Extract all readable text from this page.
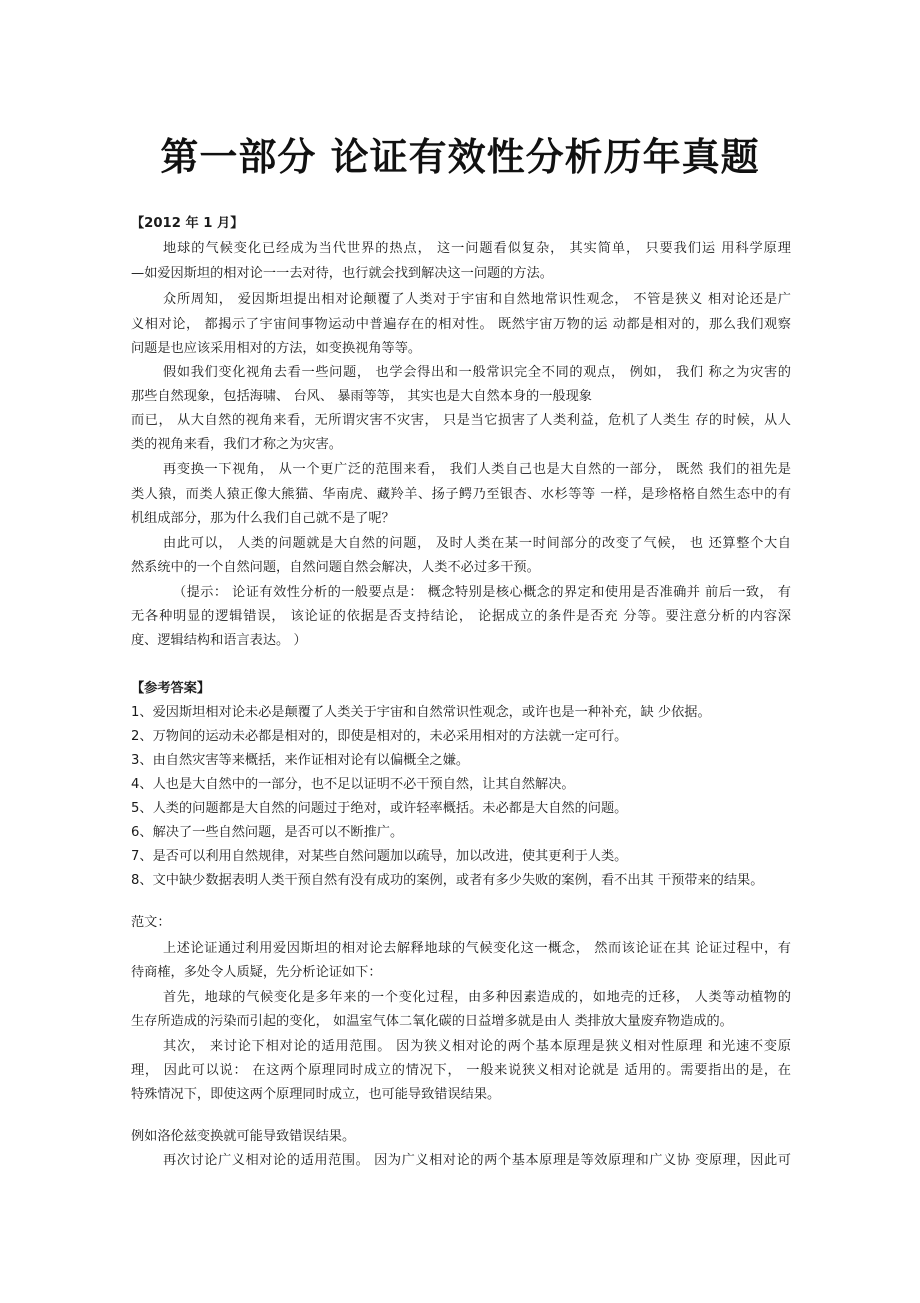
第一部分 论证有效性分析历年真题
【2012 年 1 月】
地球的气候变化已经成为当代世界的热点， 这一问题看似复杂， 其实简单， 只要我们运 用科学原理
—如爱因斯坦的相对论一一去对待，也行就会找到解决这一问题的方法。
众所周知， 爱因斯坦提出相对论颠覆了人类对于宇宙和自然地常识性观念， 不管是狭义 相对论还是广
义相对论， 都揭示了宇宙间事物运动中普遍存在的相对性。 既然宇宙万物的运 动都是相对的，那么我们观察
问题是也应该采用相对的方法，如变换视角等等。
假如我们变化视角去看一些问题， 也学会得出和一般常识完全不同的观点， 例如， 我们 称之为灾害的
那些自然现象，包括海啸、 台风、 暴雨等等， 其实也是大自然本身的一般现象
而已， 从大自然的视角来看，无所谓灾害不灾害， 只是当它损害了人类利益，危机了人类生 存的时候，从人
类的视角来看，我们才称之为灾害。
再变换一下视角， 从一个更广泛的范围来看， 我们人类自己也是大自然的一部分， 既然 我们的祖先是
类人猿，而类人猿正像大熊猫、华南虎、藏羚羊、扬子鳄乃至银杏、水杉等等 一样，是珍格格自然生态中的有
机组成部分，那为什么我们自己就不是了呢？
由此可以， 人类的问题就是大自然的问题， 及时人类在某一时间部分的改变了气候， 也 还算整个大自
然系统中的一个自然问题，自然问题自然会解决，人类不必过多干预。
（提示： 论证有效性分析的一般要点是： 概念特别是核心概念的界定和使用是否准确并 前后一致， 有
无各种明显的逻辑错误， 该论证的依据是否支持结论， 论据成立的条件是否充 分等。要注意分析的内容深
度、逻辑结构和语言表达。 ）
【参考答案】
1、爱因斯坦相对论未必是颠覆了人类关于宇宙和自然常识性观念，或许也是一种补充，缺 少依据。
2、万物间的运动未必都是相对的，即使是相对的，未必采用相对的方法就一定可行。
3、由自然灾害等来概括，来作证相对论有以偏概全之嫌。
4、人也是大自然中的一部分，也不足以证明不必干预自然，让其自然解决。
5、人类的问题都是大自然的问题过于绝对，或许轻率概括。未必都是大自然的问题。
6、解决了一些自然问题，是否可以不断推广。
7、是否可以利用自然规律，对某些自然问题加以疏导，加以改进，使其更利于人类。
8、文中缺少数据表明人类干预自然有没有成功的案例，或者有多少失败的案例，看不出其 干预带来的结果。
范文：
上述论证通过利用爱因斯坦的相对论去解释地球的气候变化这一概念， 然而该论证在其 论证过程中，有
待商榷，多处令人质疑，先分析论证如下：
首先，地球的气候变化是多年来的一个变化过程，由多种因素造成的，如地壳的迁移， 人类等动植物的
生存所造成的污染而引起的变化， 如温室气体二氧化碳的日益增多就是由人 类排放大量废弃物造成的。
其次， 来讨论下相对论的适用范围。 因为狭义相对论的两个基本原理是狭义相对性原理 和光速不变原
理， 因此可以说： 在这两个原理同时成立的情况下， 一般来说狭义相对论就是 适用的。需要指出的是，在
特殊情况下，即使这两个原理同时成立，也可能导致错误结果。
例如洛伦兹变换就可能导致错误结果。
再次讨论广义相对论的适用范围。 因为广义相对论的两个基本原理是等效原理和广义协 变原理，因此可
